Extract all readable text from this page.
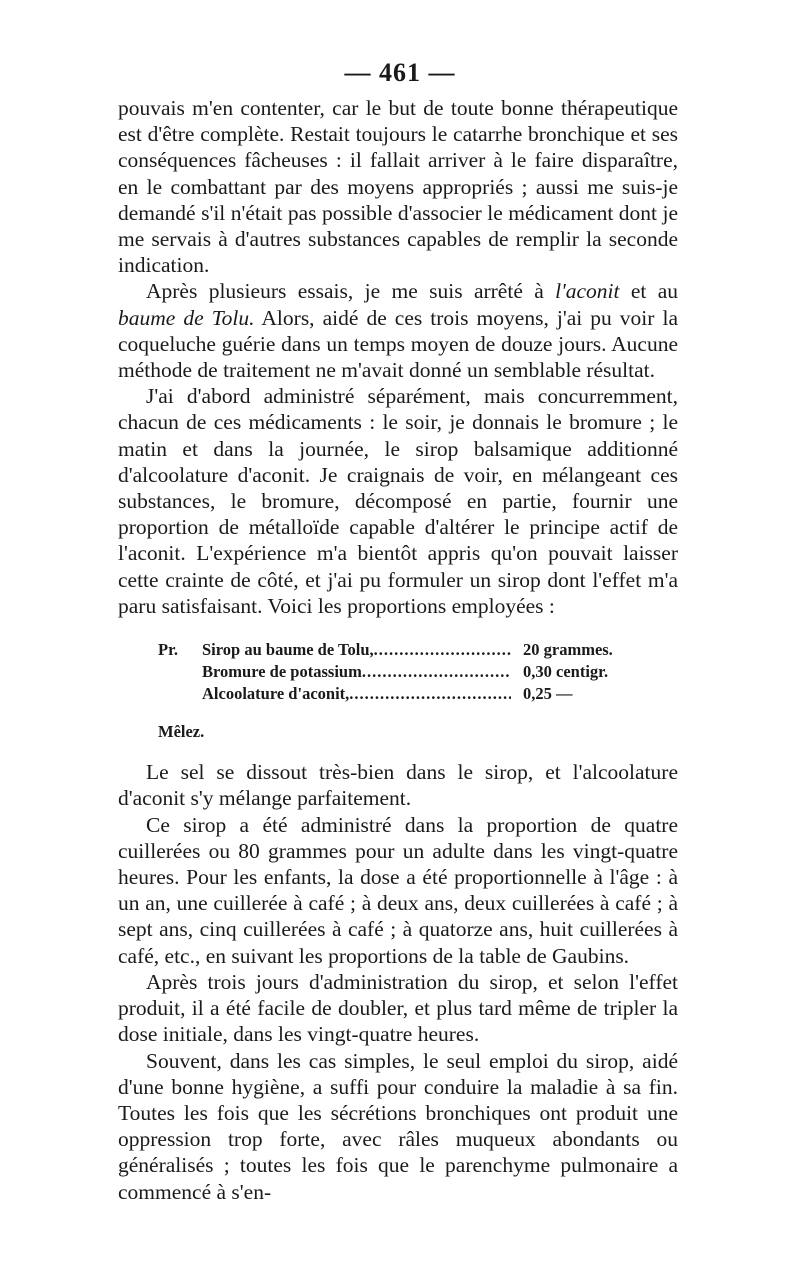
— 461 —

pouvais m'en contenter, car le but de toute bonne thérapeutique est d'être complète. Restait toujours le catarrhe bronchique et ses conséquences fâcheuses : il fallait arriver à le faire disparaître, en le combattant par des moyens appropriés ; aussi me suis-je demandé s'il n'était pas possible d'associer le médicament dont je me servais à d'autres substances capables de remplir la seconde indication.

Après plusieurs essais, je me suis arrêté à l'aconit et au baume de Tolu. Alors, aidé de ces trois moyens, j'ai pu voir la coqueluche guérie dans un temps moyen de douze jours. Aucune méthode de traitement ne m'avait donné un semblable résultat.

J'ai d'abord administré séparément, mais concurremment, chacun de ces médicaments : le soir, je donnais le bromure ; le matin et dans la journée, le sirop balsamique additionné d'alcoolature d'aconit. Je craignais de voir, en mélangeant ces substances, le bromure, décomposé en partie, fournir une proportion de métalloïde capable d'altérer le principe actif de l'aconit. L'expérience m'a bientôt appris qu'on pouvait laisser cette crainte de côté, et j'ai pu formuler un sirop dont l'effet m'a paru satisfaisant. Voici les proportions employées :

Pr.	Sirop au baume de Tolu, .....	20 grammes.
Bromure de potassium .....	0,30 centigr.
Alcoolature d'aconit, .....	0,25 —
Mêlez.

Le sel se dissout très-bien dans le sirop, et l'alcoolature d'aconit s'y mélange parfaitement.

Ce sirop a été administré dans la proportion de quatre cuillerées ou 80 grammes pour un adulte dans les vingt-quatre heures. Pour les enfants, la dose a été proportionnelle à l'âge : à un an, une cuillerée à café ; à deux ans, deux cuillerées à café ; à sept ans, cinq cuillerées à café ; à quatorze ans, huit cuillerées à café, etc., en suivant les proportions de la table de Gaubins.

Après trois jours d'administration du sirop, et selon l'effet produit, il a été facile de doubler, et plus tard même de tripler la dose initiale, dans les vingt-quatre heures.

Souvent, dans les cas simples, le seul emploi du sirop, aidé d'une bonne hygiène, a suffi pour conduire la maladie à sa fin. Toutes les fois que les sécrétions bronchiques ont produit une oppression trop forte, avec râles muqueux abondants ou généralisés ; toutes les fois que le parenchyme pulmonaire a commencé à s'en-
